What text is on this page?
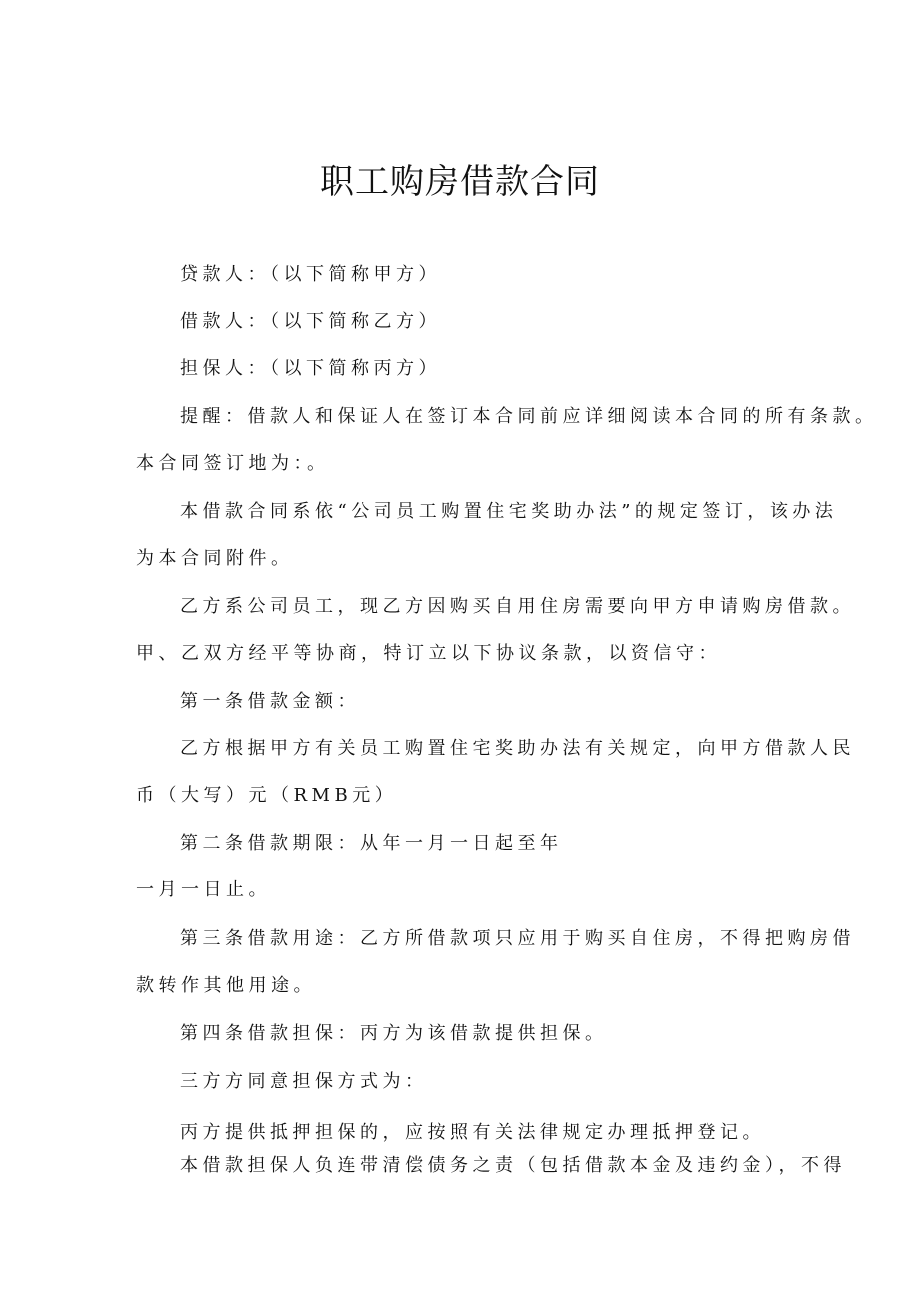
职工购房借款合同
贷款人：（以下简称甲方）
借款人：（以下简称乙方）
担保人：（以下简称丙方）
提醒：借款人和保证人在签订本合同前应详细阅读本合同的所有条款。
本合同签订地为：。
本借款合同系依“公司员工购置住宅奖助办法”的规定签订，该办法
为本合同附件。
乙方系公司员工，现乙方因购买自用住房需要向甲方申请购房借款。
甲、乙双方经平等协商，特订立以下协议条款，以资信守：
第一条借款金额：
乙方根据甲方有关员工购置住宅奖助办法有关规定，向甲方借款人民
币（大写）元（RMB元）
第二条借款期限：从年一月一日起至年
一月一日止。
第三条借款用途：乙方所借款项只应用于购买自住房，不得把购房借
款转作其他用途。
第四条借款担保：丙方为该借款提供担保。
三方方同意担保方式为：
丙方提供抵押担保的，应按照有关法律规定办理抵押登记。
本借款担保人负连带清偿债务之责（包括借款本金及违约金），不得
